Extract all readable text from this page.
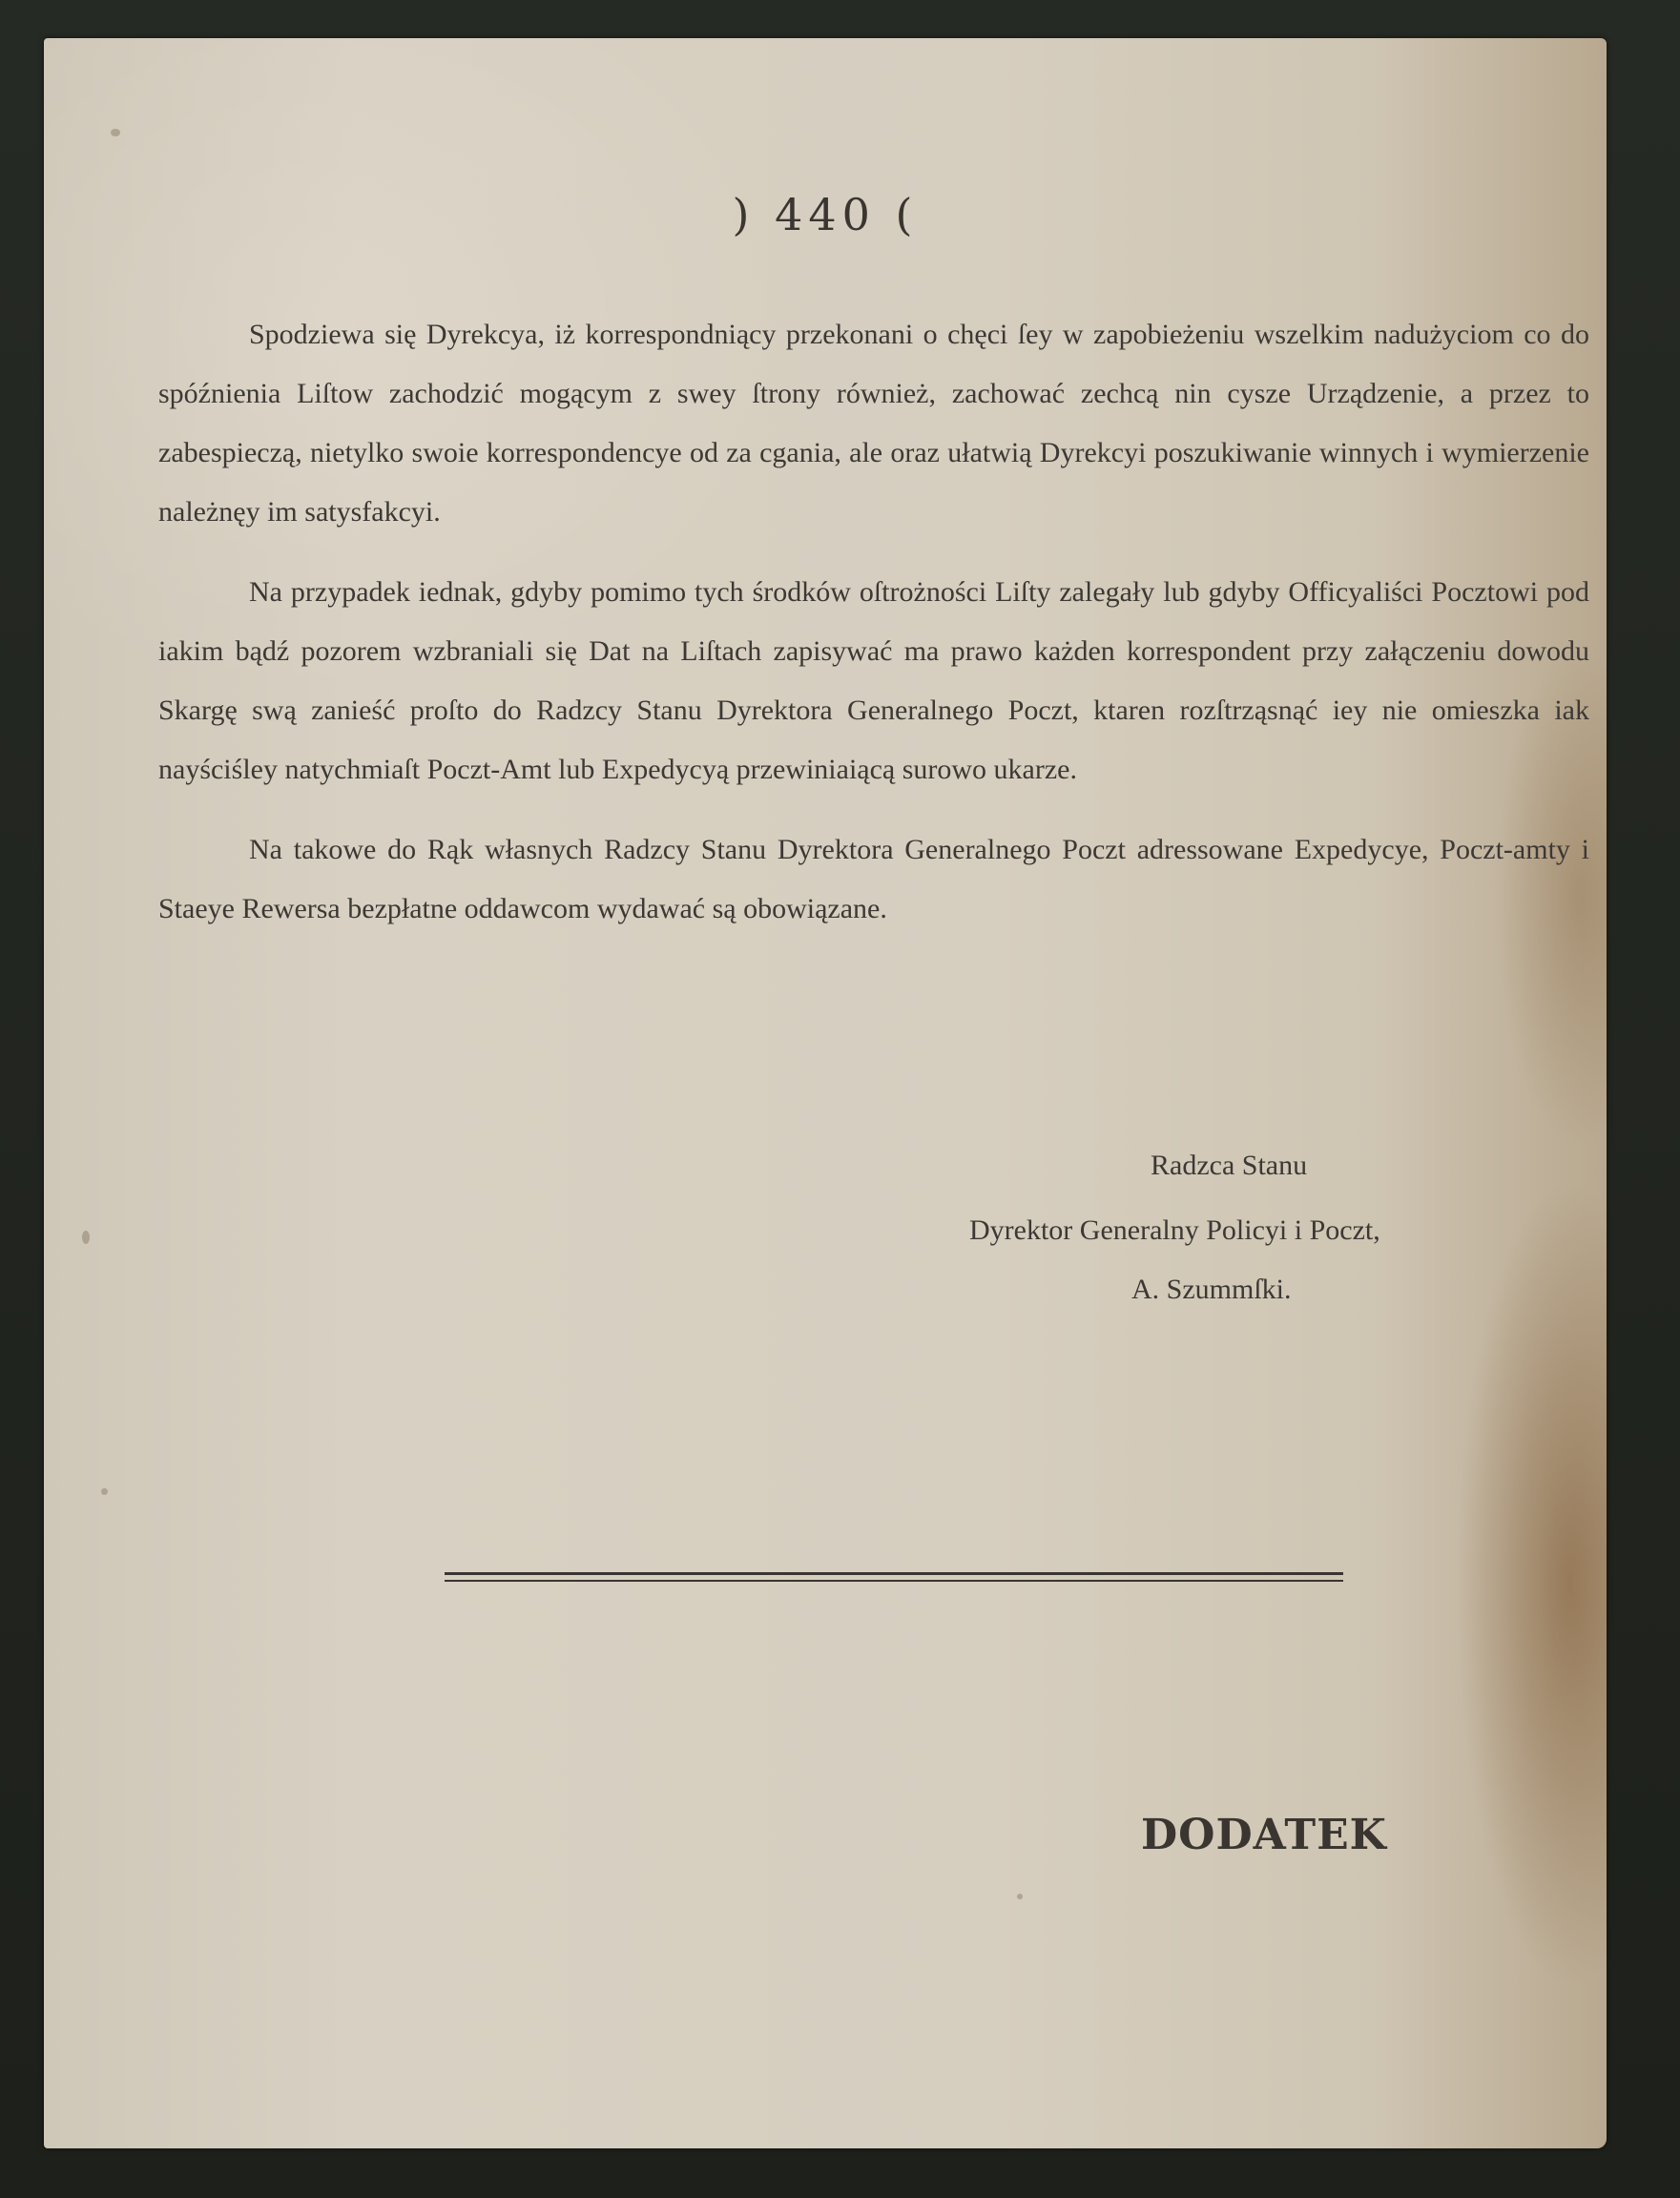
) 440 (

Spodziewa się Dyrekcya, iż korrespondniący przekonani o chęci ſey w zapobieżeniu wszelkim nadużyciom co do spóźnienia Liſtow zachodzić mogącym z swey ſtrony również, zachować zechcą nin cysze Urządzenie, a przez to zabespieczą, nietylko swoie korrespondencye od za cgania, ale oraz ułatwią Dyrekcyi poszukiwanie winnych i wymierzenie należnęy im satysfakcyi.

Na przypadek iednak, gdyby pomimo tych środków oſtrożności Liſty zalegały lub gdyby Officyaliści Pocztowi pod iakim bądź pozorem wzbraniali się Dat na Liſtach zapisywać ma prawo każden korrespondent przy załączeniu dowodu Skargę swą zanieść proſto do Radzcy Stanu Dyrektora Generalnego Poczt, ktaren rozſtrząsnąć iey nie omieszka iak nayściśley natychmiaſt Poczt-Amt lub Expedycyą przewiniaiącą surowo ukarze.

Na takowe do Rąk własnych Radzcy Stanu Dyrektora Generalnego Poczt adressowane Expedycye, Poczt-amty i Staeye Rewersa bezpłatne oddawcom wydawać są obowiązane.

Radzca Stanu
Dyrektor Generalny Policyi i Poczt,
A. Szummſki.
DODATEK
